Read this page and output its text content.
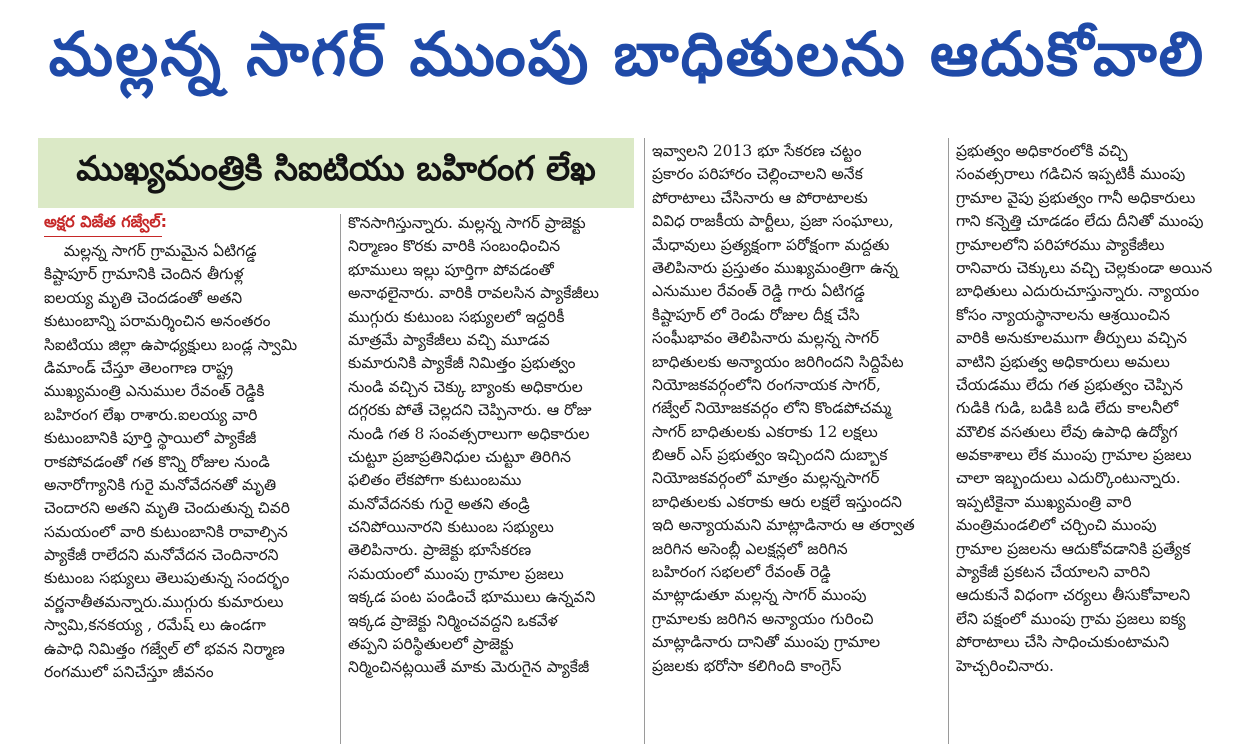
మల్లన్న సాగర్ ముంపు బాధితులను ఆదుకోవాలి
ముఖ్యమంత్రికి సిఐటియు బహిరంగ లేఖ
అక్షర విజేత గజ్వేల్:
మల్లన్న సాగర్ గ్రామమైన ఏటిగడ్డ
కిష్టాపూర్ గ్రామానికి చెందిన తీగుళ్ల
ఐలయ్య మృతి చెందడంతో అతని
కుటుంబాన్ని పరామర్శించిన అనంతరం
సిఐటియు జిల్లా ఉపాధ్యక్షులు బండ్ల స్వామి
డిమాండ్ చేస్తూ తెలంగాణ రాష్ట్ర
ముఖ్యమంత్రి ఎనుముల రేవంత్ రెడ్డికి
బహిరంగ లేఖ రాశారు.ఐలయ్య వారి
కుటుంబానికి పూర్తి స్థాయిలో ప్యాకేజీ
రాకపోవడంతో గత కొన్ని రోజుల నుండి
అనారోగ్యానికి గురై మనోవేదనతో మృతి
చెందారని అతని మృతి చెందుతున్న చివరి
సమయంలో వారి కుటుంబానికి రావాల్సిన
ప్యాకేజీ రాలేదని మనోవేదన చెందినారని
కుటుంబ సభ్యులు తెలుపుతున్న సందర్భం
వర్ణనాతీతమన్నారు.ముగ్గురు కుమారులు
స్వామి,కనకయ్య , రమేష్ లు ఉండగా
ఉపాధి నిమిత్తం గజ్వేల్ లో భవన నిర్మాణ
రంగములో పనిచేస్తూ జీవనం
కొనసాగిస్తున్నారు. మల్లన్న సాగర్ ప్రాజెక్టు
నిర్మాణం కొరకు వారికి సంబంధించిన
భూములు ఇల్లు పూర్తిగా పోవడంతో
అనాథలైనారు. వారికి రావలసిన ప్యాకేజీలు
ముగ్గురు కుటుంబ సభ్యులలో ఇద్దరికీ
మాత్రమే ప్యాకేజీలు వచ్చి మూడవ
కుమారునికి ప్యాకేజీ నిమిత్తం ప్రభుత్వం
నుండి వచ్చిన చెక్కు బ్యాంకు అధికారుల
దగ్గరకు పోతే చెల్లదని చెప్పినారు. ఆ రోజు
నుండి గత 8 సంవత్సరాలుగా అధికారుల
చుట్టూ ప్రజాప్రతినిధుల చుట్టూ తిరిగిన
ఫలితం లేకపోగా కుటుంబము
మనోవేదనకు గురై అతని తండ్రి
చనిపోయినారని కుటుంబ సభ్యులు
తెలిపినారు. ప్రాజెక్టు భూసేకరణ
సమయంలో ముంపు గ్రామాల ప్రజలు
ఇక్కడ పంట పండించే భూములు ఉన్నవని
ఇక్కడ ప్రాజెక్టు నిర్మించవద్దని ఒకవేళ
తప్పని పరిస్థితులలో ప్రాజెక్టు
నిర్మించినట్లయితే మాకు మెరుగైన ప్యాకేజీ
ఇవ్వాలని 2013 భూ సేకరణ చట్టం
ప్రకారం పరిహారం చెల్లించాలని అనేక
పోరాటాలు చేసినారు ఆ పోరాటాలకు
వివిధ రాజకీయ పార్టీలు, ప్రజా సంఘాలు,
మేధావులు ప్రత్యక్షంగా పరోక్షంగా మద్దతు
తెలిపినారు ప్రస్తుతం ముఖ్యమంత్రిగా ఉన్న
ఎనుముల రేవంత్ రెడ్డి గారు ఏటిగడ్డ
కిష్టాపూర్ లో రెండు రోజుల దీక్ష చేసి
సంఘీభావం తెలిపినారు మల్లన్న సాగర్
బాధితులకు అన్యాయం జరిగిందని సిద్దిపేట
నియోజకవర్గంలోని రంగనాయక సాగర్,
గజ్వేల్ నియోజకవర్గం లోని కొండపోచమ్మ
సాగర్ బాధితులకు ఎకరాకు 12 లక్షలు
బిఆర్ ఎస్ ప్రభుత్వం ఇచ్చిందని దుబ్బాక
నియోజకవర్గంలో మాత్రం మల్లన్నసాగర్
బాధితులకు ఎకరాకు ఆరు లక్షలే ఇస్తుందని
ఇది అన్యాయమని మాట్లాడినారు ఆ తర్వాత
జరిగిన అసెంబ్లీ ఎలక్షన్లలో జరిగిన
బహిరంగ సభలలో రేవంత్ రెడ్డి
మాట్లాడుతూ మల్లన్న సాగర్ ముంపు
గ్రామాలకు జరిగిన అన్యాయం గురించి
మాట్లాడినారు దానితో ముంపు గ్రామాల
ప్రజలకు భరోసా కలిగింది కాంగ్రెస్
ప్రభుత్వం అధికారంలోకి వచ్చి
సంవత్సరాలు గడిచిన ఇప్పటికీ ముంపు
గ్రామాల వైపు ప్రభుత్వం గానీ అధికారులు
గాని కన్నెత్తి చూడడం లేదు దీనితో ముంపు
గ్రామాలలోని పరిహారము ప్యాకేజీలు
రానివారు చెక్కులు వచ్చి చెల్లకుండా అయిన
బాధితులు ఎదురుచూస్తున్నారు. న్యాయం
కోసం న్యాయస్థానాలను ఆశ్రయించిన
వారికి అనుకూలముగా తీర్పులు వచ్చిన
వాటిని ప్రభుత్వ అధికారులు అమలు
చేయడము లేదు గత ప్రభుత్వం చెప్పిన
గుడికి గుడి, బడికి బడి లేదు కాలనీలో
మౌలిక వసతులు లేవు ఉపాధి ఉద్యోగ
అవకాశాలు లేక ముంపు గ్రామాల ప్రజలు
చాలా ఇబ్బందులు ఎదుర్కొంటున్నారు.
ఇప్పటికైనా ముఖ్యమంత్రి వారి
మంత్రిమండలిలో చర్చించి ముంపు
గ్రామాల ప్రజలను ఆదుకోవడానికి ప్రత్యేక
ప్యాకేజీ ప్రకటన చేయాలని వారిని
ఆదుకునే విధంగా చర్యలు తీసుకోవాలని
లేని పక్షంలో ముంపు గ్రామ ప్రజలు ఐక్య
పోరాటాలు చేసి సాధించుకుంటామని
హెచ్చరించినారు.
